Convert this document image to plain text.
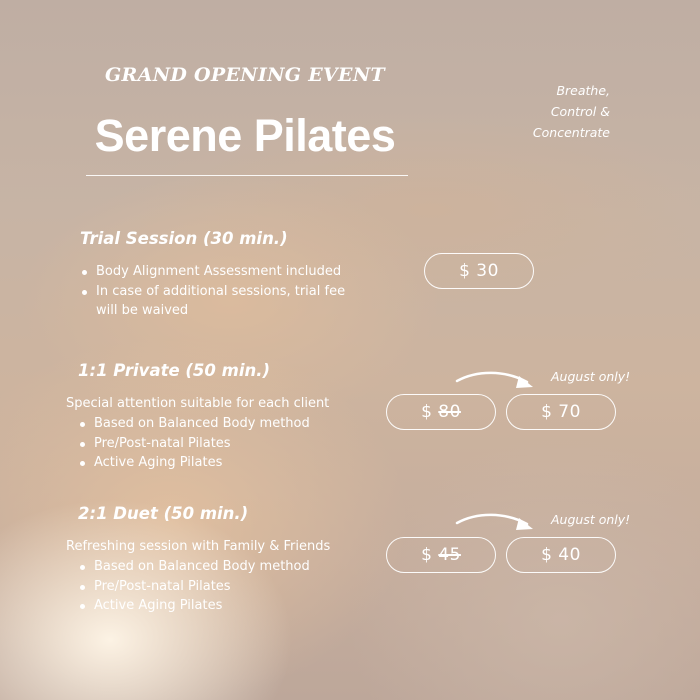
GRAND OPENING EVENT
Serene Pilates
Breathe,
Control &
Concentrate
Trial Session (30 min.)
Body Alignment Assessment included
In case of additional sessions, trial fee
will be waived
$ 30
1:1 Private (50 min.)
Special attention suitable for each client
Based on Balanced Body method
Pre/Post-natal Pilates
Active Aging Pilates
August only!
$
80	$ 70
2:1 Duet (50 min.)
Refreshing session with Family & Friends
Based on Balanced Body method
Pre/Post-natal Pilates
Active Aging Pilates
August only!
$
45	$ 40
